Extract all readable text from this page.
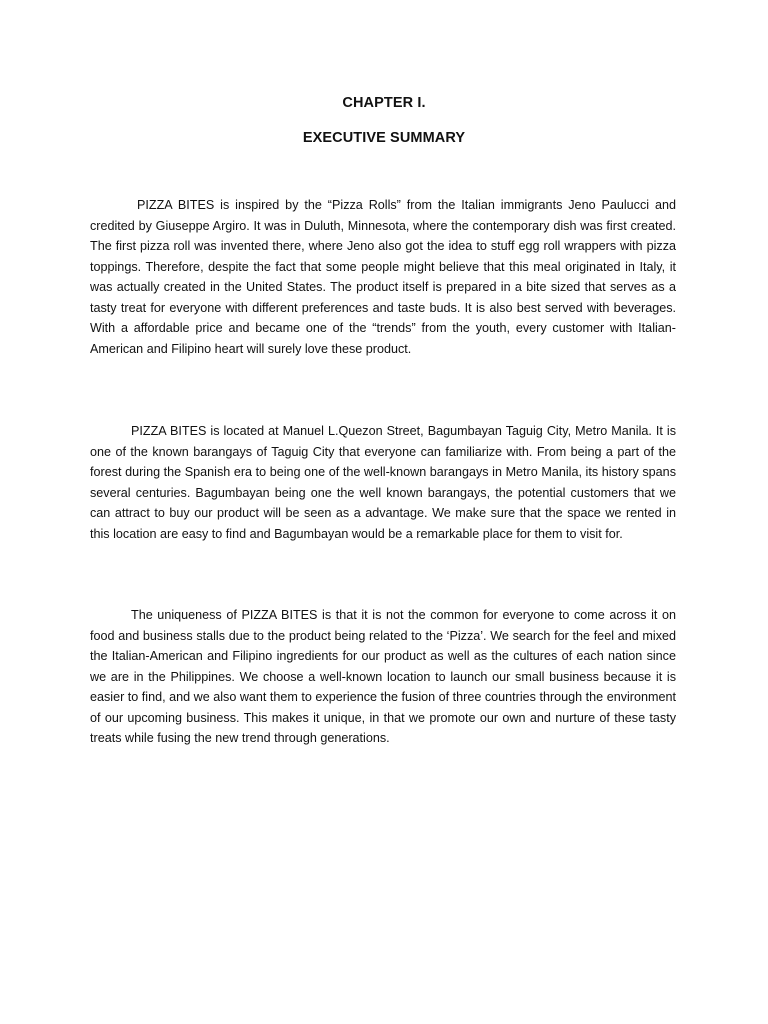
CHAPTER I.
EXECUTIVE SUMMARY

PIZZA BITES is inspired by the “Pizza Rolls” from the Italian immigrants Jeno Paulucci and credited by Giuseppe Argiro. It was in Duluth, Minnesota, where the contemporary dish was first created. The first pizza roll was invented there, where Jeno also got the idea to stuff egg roll wrappers with pizza toppings. Therefore, despite the fact that some people might believe that this meal originated in Italy, it was actually created in the United States. The product itself is prepared in a bite sized that serves as a tasty treat for everyone with different preferences and taste buds. It is also best served with beverages. With a affordable price and became one of the “trends” from the youth, every customer with Italian-American and Filipino heart will surely love these product.

PIZZA BITES is located at Manuel L.Quezon Street, Bagumbayan Taguig City, Metro Manila. It is one of the known barangays of Taguig City that everyone can familiarize with. From being a part of the forest during the Spanish era to being one of the well-known barangays in Metro Manila, its history spans several centuries. Bagumbayan being one the well known barangays, the potential customers that we can attract to buy our product will be seen as a advantage. We make sure that the space we rented in this location are easy to find and Bagumbayan would be a remarkable place for them to visit for.

The uniqueness of PIZZA BITES is that it is not the common for everyone to come across it on food and business stalls due to the product being related to the ‘Pizza’. We search for the feel and mixed the Italian-American and Filipino ingredients for our product as well as the cultures of each nation since we are in the Philippines. We choose a well-known location to launch our small business because it is easier to find, and we also want them to experience the fusion of three countries through the environment of our upcoming business. This makes it unique, in that we promote our own and nurture of these tasty treats while fusing the new trend through generations.
